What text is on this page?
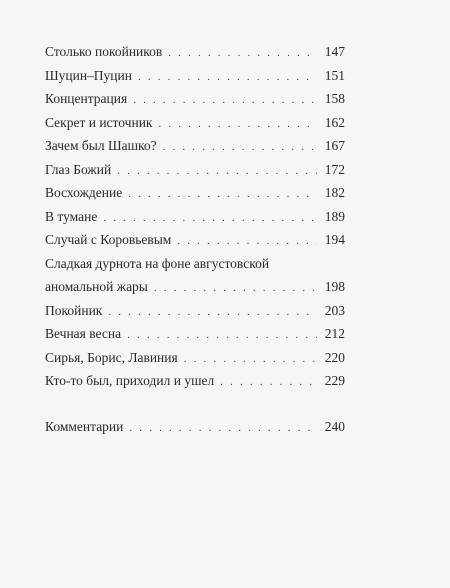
Столько покойников . . .	147
Шуцин–Пуцин . . .	151
Концентрация . . .	158
Секрет и источник . . .	162
Зачем был Шашко? . . .	167
Глаз Божий . . .	172
Восхождение . . .	182
В тумане . . .	189
Случай с Коровьевым . . .	194
Сладкая дурнота на фоне августовской
аномальной жары . . .	198
Покойник . . .	203
Вечная весна . . .	212
Сирья, Борис, Лавиния . . .	220
Кто-то был, приходил и ушел . . .	229
Комментарии . . .	240
